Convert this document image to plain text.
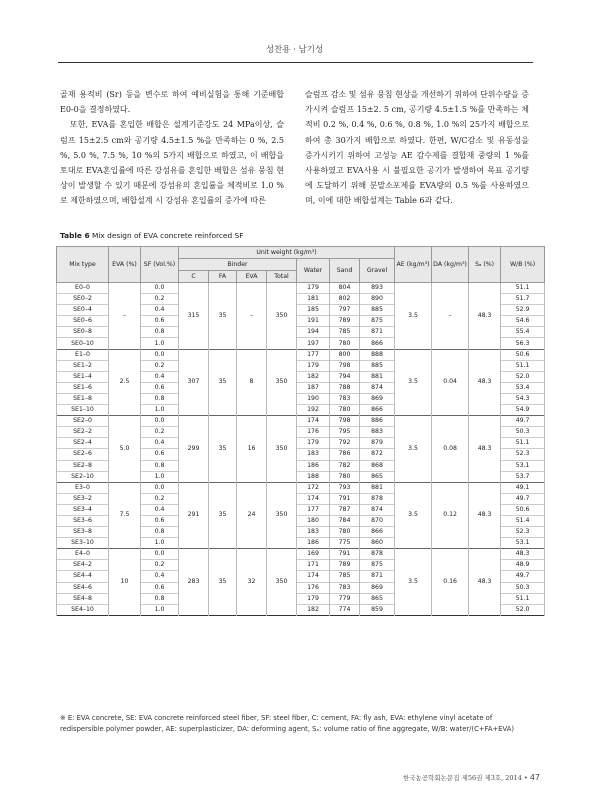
성찬용 · 남기성

골재 용적비 (Sr) 등을 변수로 하여 예비실험을 통해 기준배합 E0-0을 결정하였다.

또한, EVA를 혼입한 배합은 설계기준강도 24 MPa이상, 슬럼프 15±2.5 cm와 공기량 4.5±1.5 %을 만족하는 0 %, 2.5 %, 5.0 %, 7.5 %, 10 %의 5가지 배합으로 하였고, 이 배합을 토대로 EVA혼입률에 따른 강섬유를 혼입한 배합은 섬유 뭉침 현상이 발생할 수 있기 때문에 강섬유의 혼입률을 체적비로 1.0 %로 제한하였으며, 배합설계 시 강섬유 혼입률의 증가에 따른

슬럼프 감소 및 섬유 뭉침 현상을 개선하기 위하여 단위수량을 증가시켜 슬럼프 15±2. 5 cm, 공기량 4.5±1.5 %를 만족하는 체적비 0.2 %, 0.4 %, 0.6 %, 0.8 %, 1.0 %의 25가지 배합으로 하여 총 30가지 배합으로 하였다. 한편, W/C감소 및 유동성을 증가시키기 위하여 고성능 AE 감수제를 결합재 중량의 1 %를 사용하였고 EVA사용 시 불필요한 공기가 발생하여 목표 공기량에 도달하기 위해 분말소포제를 EVA량의 0.5 %를 사용하였으며, 이에 대한 배합설계는 Table 6과 같다.

Table 6 Mix design of EVA concrete reinforced SF
Mix type	EVA (%)	SF (Vol.%)	Unit weight (kg/m³)							AE (kg/m³)	DA (kg/m³)	Sₐ (%)	W/B (%)
			Binder				Water	Sand	Gravel				
			C	FA	EVA	Total							
E0–0	–	0.0	315	35	–	350	179	804	893	3.5	–	48.3	51.1
SE0–2		0.2					181	802	890				51.7
SE0–4		0.4					185	797	885				52.9
SE0–6		0.6					191	789	875				54.6
SE0–8		0.8					194	785	871				55.4
SE0–10		1.0					197	780	866				56.3
E1–0	2.5	0.0	307	35	8	350	177	800	888	3.5	0.04	48.3	50.6
SE1–2		0.2					179	798	885				51.1
SE1–4		0.4					182	794	881				52.0
SE1–6		0.6					187	788	874				53.4
SE1–8		0.8					190	783	869				54.3
SE1–10		1.0					192	780	866				54.9
SE2–0	5.0	0.0	299	35	16	350	174	798	886	3.5	0.08	48.3	49.7
SE2–2		0.2					176	795	883				50.3
SE2–4		0.4					179	792	879				51.1
SE2–6		0.6					183	786	872				52.3
SE2–8		0.8					186	782	868				53.1
SE2–10		1.0					188	780	865				53.7
E3–0	7.5	0.0	291	35	24	350	172	793	881	3.5	0.12	48.3	49.1
SE3–2		0.2					174	791	878				49.7
SE3–4		0.4					177	787	874				50.6
SE3–6		0.6					180	784	870				51.4
SE3–8		0.8					183	780	866				52.3
SE3–10		1.0					186	775	860				53.1
E4–0	10	0.0	283	35	32	350	169	791	878	3.5	0.16	48.3	48.3
SE4–2		0.2					171	789	875				48.9
SE4–4		0.4					174	785	871				49.7
SE4–6		0.6					176	783	869				50.3
SE4–8		0.8					179	779	865				51.1
SE4–10		1.0					182	774	859				52.0
※ E: EVA concrete, SE: EVA concrete reinforced steel fiber, SF: steel fiber, C: cement, FA: fly ash, EVA: ethylene vinyl acetate of redispersible polymer powder, AE: superplasticizer, DA: deforming agent, Sₐ: volume ratio of fine aggregate, W/B: water/(C+FA+EVA)
한국농공학회논문집 제56권 제3호, 2014 • 47
